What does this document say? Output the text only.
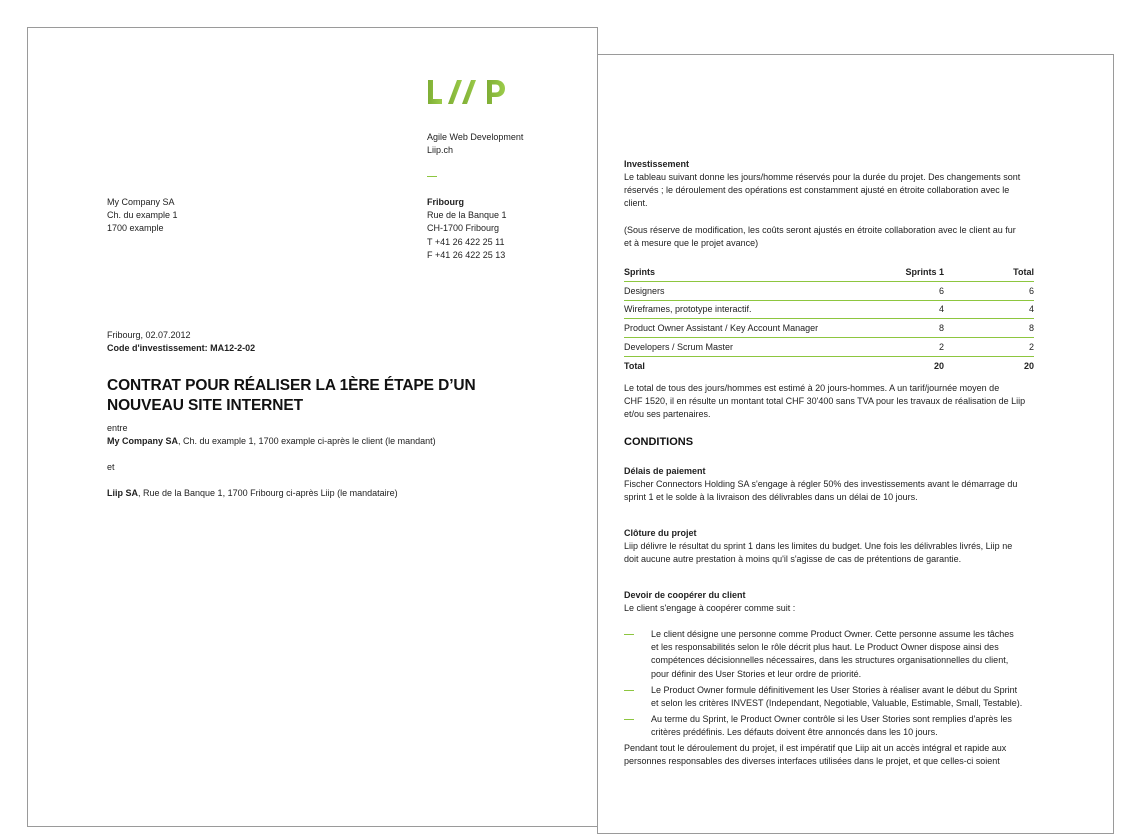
Investissement
Le tableau suivant donne les jours/homme réservés pour la durée du projet. Des changements sont
réservés ; le déroulement des opérations est constamment ajusté en étroite collaboration avec le
client.
(Sous réserve de modification, les coûts seront ajustés en étroite collaboration avec le client au fur
et à mesure que le projet avance)
Sprints	Sprints 1	Total
Designers	6	6
Wireframes, prototype interactif.	4	4
Product Owner Assistant / Key Account Manager	8	8
Developers / Scrum Master	2	2
Total	20	20
Le total de tous des jours/hommes est estimé à 20 jours-hommes. A un tarif/journée moyen de
CHF 1520, il en résulte un montant total CHF 30'400 sans TVA pour les travaux de réalisation de Liip
et/ou ses partenaires.
CONDITIONS
Délais de paiement
Fischer Connectors Holding SA s'engage à régler 50% des investissements avant le démarrage du
sprint 1 et le solde à la livraison des délivrables dans un délai de 10 jours.
Clôture du projet
Liip délivre le résultat du sprint 1 dans les limites du budget. Une fois les délivrables livrés, Liip ne
doit aucune autre prestation à moins qu'il s'agisse de cas de prétentions de garantie.
Devoir de coopérer du client
Le client s'engage à coopérer comme suit :
Le client désigne une personne comme Product Owner. Cette personne assume les tâches
et les responsabilités selon le rôle décrit plus haut. Le Product Owner dispose ainsi des
compétences décisionnelles nécessaires, dans les structures organisationnelles du client,
pour définir des User Stories et leur ordre de priorité.
Le Product Owner formule définitivement les User Stories à réaliser avant le début du Sprint
et selon les critères INVEST (Independant, Negotiable, Valuable, Estimable, Small, Testable).
Au terme du Sprint, le Product Owner contrôle si les User Stories sont remplies d'après les
critères prédéfinis. Les défauts doivent être annoncés dans les 10 jours.
Pendant tout le déroulement du projet, il est impératif que Liip ait un accès intégral et rapide aux
personnes responsables des diverses interfaces utilisées dans le projet, et que celles-ci soient
Agile Web Development
Liip.ch
Fribourg
Rue de la Banque 1
CH-1700 Fribourg
T +41 26 422 25 11
F +41 26 422 25 13
My Company SA
Ch. du example 1
1700 example
Fribourg, 02.07.2012
Code d'investissement: MA12-2-02
CONTRAT POUR RÉALISER LA 1ÈRE ÉTAPE D’UN
NOUVEAU SITE INTERNET
entre
My Company SA, Ch. du example 1, 1700 example ci-après le client (le mandant)
et
Liip SA, Rue de la Banque 1, 1700 Fribourg ci-après Liip (le mandataire)
